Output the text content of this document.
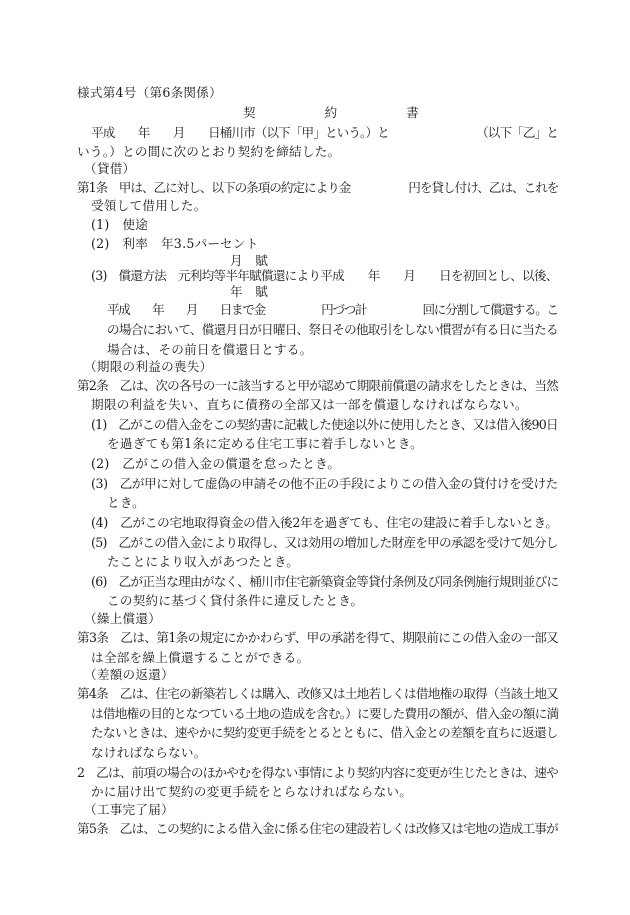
様式第4号（第6条関係）
契　　　　　約　　　　　書
平成　　年　　月　　日桶川市（以下「甲」という。）と　　　　　　　　（以下「乙」と
いう。）との間に次のとおり契約を締結した。
（貸借）
第1条　甲は、乙に対し、以下の条項の約定により金　　　　　円を貸し付け、乙は、これを
受領して借用した。
(1)　使途
(2)　利率　年3.5パーセント
月　賦
(3)　償還方法　元利均等半年賦償還により平成　　年　　月　　日を初回とし、以後、
年　賦
平成　　年　　月　　日まで金　　　　　円づつ計　　　　　回に分割して償還する。こ
の場合において、償還月日が日曜日、祭日その他取引をしない慣習が有る日に当たる
場合は、その前日を償還日とする。
（期限の利益の喪失）
第2条　乙は、次の各号の一に該当すると甲が認めて期限前償還の請求をしたときは、当然
期限の利益を失い、直ちに債務の全部又は一部を償還しなければならない。
(1)　乙がこの借入金をこの契約書に記載した使途以外に使用したとき、又は借入後90日
を過ぎても第1条に定める住宅工事に着手しないとき。
(2)　乙がこの借入金の償還を怠ったとき。
(3)　乙が甲に対して虚偽の申請その他不正の手段によりこの借入金の貸付けを受けた
とき。
(4)　乙がこの宅地取得資金の借入後2年を過ぎても、住宅の建設に着手しないとき。
(5)　乙がこの借入金により取得し、又は効用の増加した財産を甲の承認を受けて処分し
たことにより収入があつたとき。
(6)　乙が正当な理由がなく、桶川市住宅新築資金等貸付条例及び同条例施行規則並びに
この契約に基づく貸付条件に違反したとき。
（繰上償還）
第3条　乙は、第1条の規定にかかわらず、甲の承諾を得て、期限前にこの借入金の一部又
は全部を繰上償還することができる。
（差額の返還）
第4条　乙は、住宅の新築若しくは購入、改修又は土地若しくは借地権の取得（当該土地又
は借地権の目的となつている土地の造成を含む。）に要した費用の額が、借入金の額に満
たないときは、速やかに契約変更手続をとるとともに、借入金との差額を直ちに返還し
なければならない。
2　乙は、前項の場合のほかやむを得ない事情により契約内容に変更が生じたときは、速や
かに届け出て契約の変更手続をとらなければならない。
（工事完了届）
第5条　乙は、この契約による借入金に係る住宅の建設若しくは改修又は宅地の造成工事が
